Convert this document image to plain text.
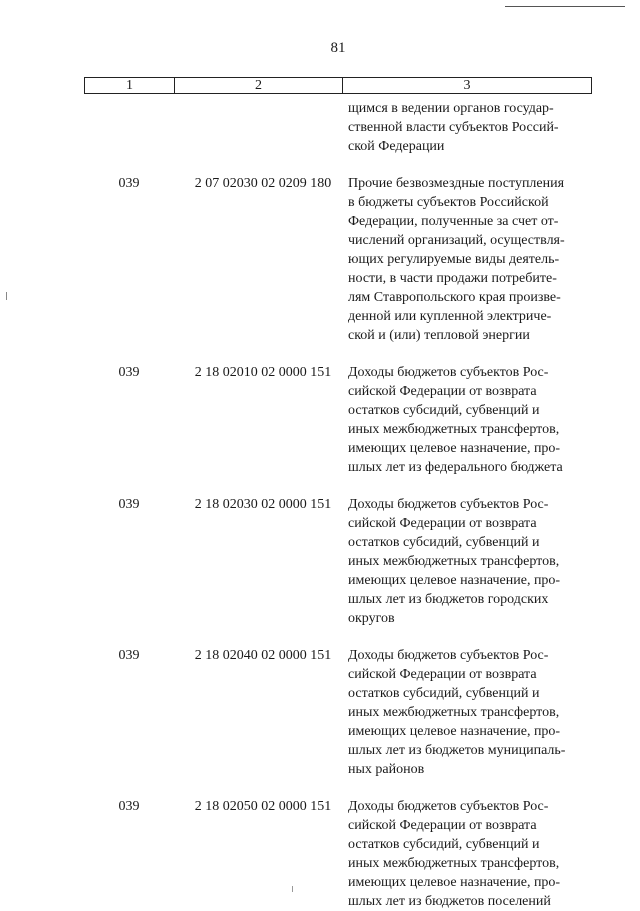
81
1	2	3
щимся в ведении органов государ-
ственной власти субъектов Россий-
ской Федерации
039	2 07 02030 02 0209 180	Прочие безвозмездные поступления
в бюджеты субъектов Российской
Федерации, полученные за счет от-
числений организаций, осуществля-
ющих регулируемые виды деятель-
ности, в части продажи потребите-
лям Ставропольского края произве-
денной или купленной электриче-
ской и (или) тепловой энергии
039	2 18 02010 02 0000 151	Доходы бюджетов субъектов Рос-
сийской Федерации от возврата
остатков субсидий, субвенций и
иных межбюджетных трансфертов,
имеющих целевое назначение, про-
шлых лет из федерального бюджета
039	2 18 02030 02 0000 151	Доходы бюджетов субъектов Рос-
сийской Федерации от возврата
остатков субсидий, субвенций и
иных межбюджетных трансфертов,
имеющих целевое назначение, про-
шлых лет из бюджетов городских
округов
039	2 18 02040 02 0000 151	Доходы бюджетов субъектов Рос-
сийской Федерации от возврата
остатков субсидий, субвенций и
иных межбюджетных трансфертов,
имеющих целевое назначение, про-
шлых лет из бюджетов муниципаль-
ных районов
039	2 18 02050 02 0000 151	Доходы бюджетов субъектов Рос-
сийской Федерации от возврата
остатков субсидий, субвенций и
иных межбюджетных трансфертов,
имеющих целевое назначение, про-
шлых лет из бюджетов поселений
